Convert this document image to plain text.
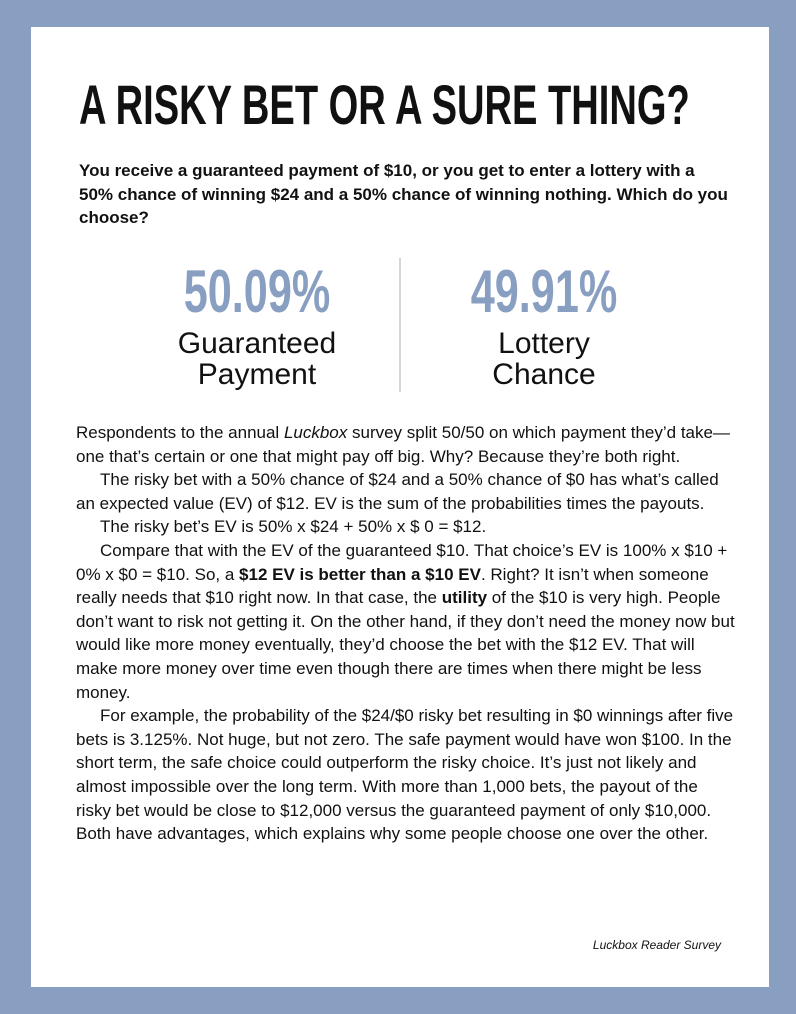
A RISKY BET OR A SURE THING?

You receive a guaranteed payment of $10, or you get to enter a lottery with a 50% chance of winning $24 and a 50% chance of winning nothing. Which do you choose?

50.09%
Guaranteed
Payment
49.91%
Lottery
Chance

Respondents to the annual Luckbox survey split 50/50 on which payment they’d take—one that’s certain or one that might pay off big. Why? Because they’re both right.

The risky bet with a 50% chance of $24 and a 50% chance of $0 has what’s called an expected value (EV) of $12. EV is the sum of the probabilities times the payouts.

The risky bet’s EV is 50% x $24 + 50% x $ 0 = $12.

Compare that with the EV of the guaranteed $10. That choice’s EV is 100% x $10 + 0% x $0 = $10. So, a $12 EV is better than a $10 EV. Right? It isn’t when someone really needs that $10 right now. In that case, the utility of the $10 is very high. People don’t want to risk not getting it. On the other hand, if they don’t need the money now but would like more money eventually, they’d choose the bet with the $12 EV. That will make more money over time even though there are times when there might be less money.

For example, the probability of the $24/$0 risky bet resulting in $0 winnings after five bets is 3.125%. Not huge, but not zero. The safe payment would have won $100. In the short term, the safe choice could outperform the risky choice. It’s just not likely and almost impossible over the long term. With more than 1,000 bets, the payout of the risky bet would be close to $12,000 versus the guaranteed payment of only $10,000. Both have advantages, which explains why some people choose one over the other.

Luckbox Reader Survey
